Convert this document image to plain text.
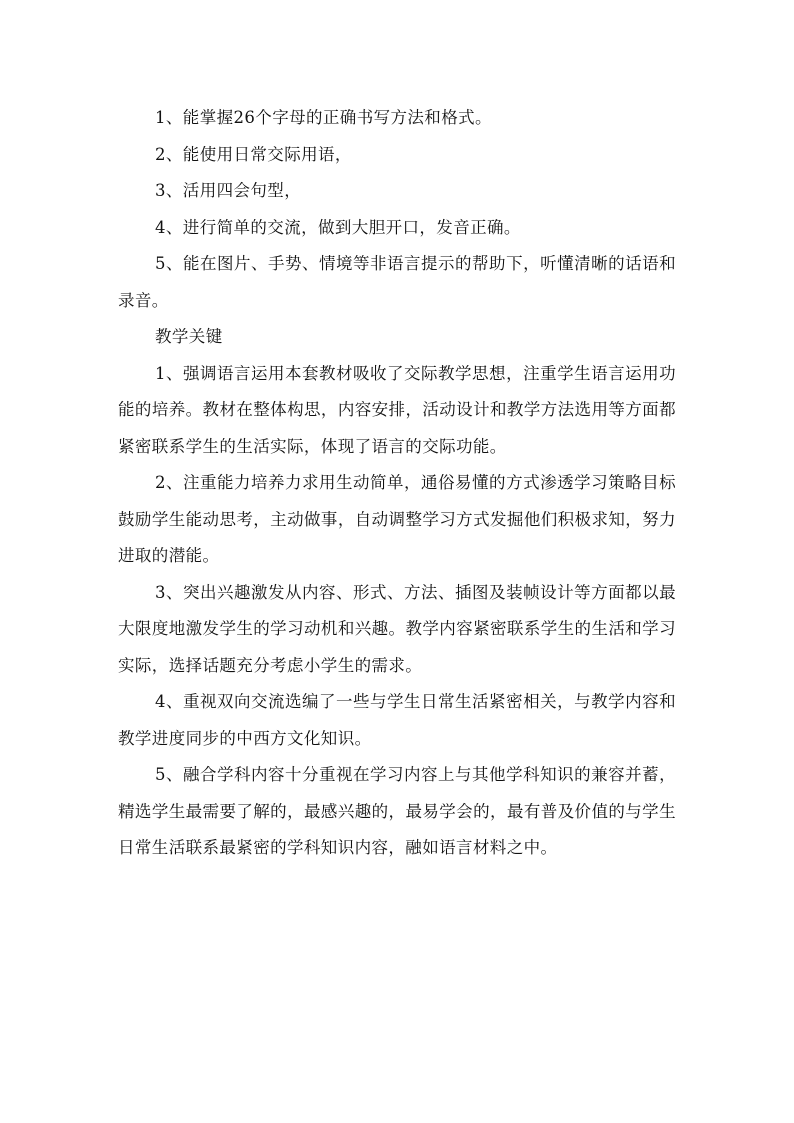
1、能掌握26个字母的正确书写方法和格式。

2、能使用日常交际用语，

3、活用四会句型，

4、进行简单的交流，做到大胆开口，发音正确。

5、能在图片、手势、情境等非语言提示的帮助下，听懂清晰的话语和录音。

教学关键

1、强调语言运用本套教材吸收了交际教学思想，注重学生语言运用功能的培养。教材在整体构思，内容安排，活动设计和教学方法选用等方面都紧密联系学生的生活实际，体现了语言的交际功能。

2、注重能力培养力求用生动简单，通俗易懂的方式渗透学习策略目标鼓励学生能动思考，主动做事，自动调整学习方式发掘他们积极求知，努力进取的潜能。

3、突出兴趣激发从内容、形式、方法、插图及装帧设计等方面都以最大限度地激发学生的学习动机和兴趣。教学内容紧密联系学生的生活和学习实际，选择话题充分考虑小学生的需求。

4、重视双向交流选编了一些与学生日常生活紧密相关，与教学内容和教学进度同步的中西方文化知识。

5、融合学科内容十分重视在学习内容上与其他学科知识的兼容并蓄，精选学生最需要了解的，最感兴趣的，最易学会的，最有普及价值的与学生日常生活联系最紧密的学科知识内容，融如语言材料之中。
